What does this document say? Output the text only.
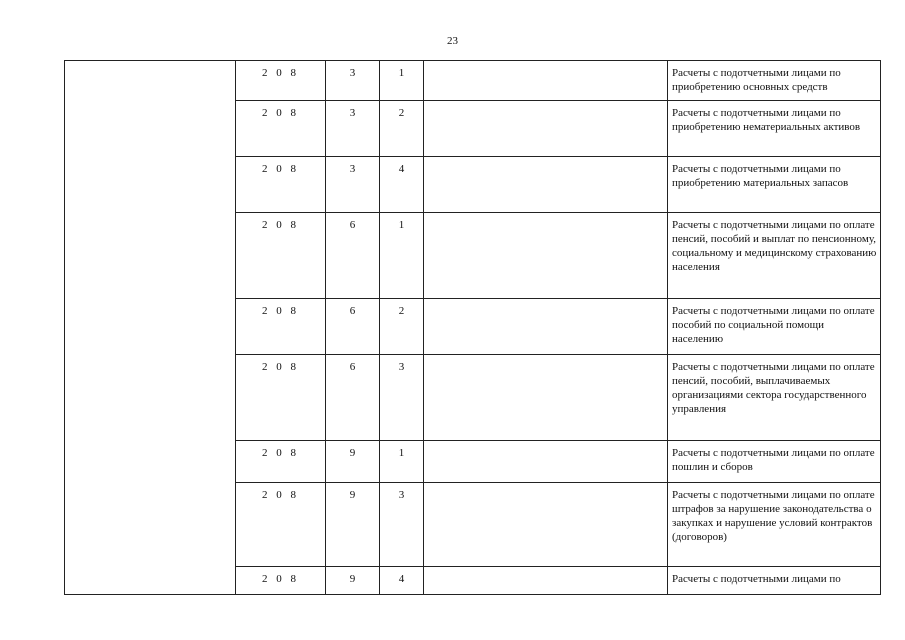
23

	2 0 8	3	1		Расчеты с подотчетными лицами по приобретению основных средств

	2 0 8	3	2		Расчеты с подотчетными лицами по приобретению нематериальных активов

	2 0 8	3	4		Расчеты с подотчетными лицами по приобретению материальных запасов

	2 0 8	6	1		Расчеты с подотчетными лицами по оплате пенсий, пособий и выплат по пенсионному, социальному и медицинскому страхованию населения

	2 0 8	6	2		Расчеты с подотчетными лицами по оплате пособий по социальной помощи населению

	2 0 8	6	3		Расчеты с подотчетными лицами по оплате пенсий, пособий, выплачиваемых организациями сектора государственного управления

	2 0 8	9	1		Расчеты с подотчетными лицами по оплате пошлин и сборов

	2 0 8	9	3		Расчеты с подотчетными лицами по оплате штрафов за нарушение законодательства о закупках и нарушение условий контрактов (договоров)

	2 0 8	9	4		Расчеты с подотчетными лицами по
